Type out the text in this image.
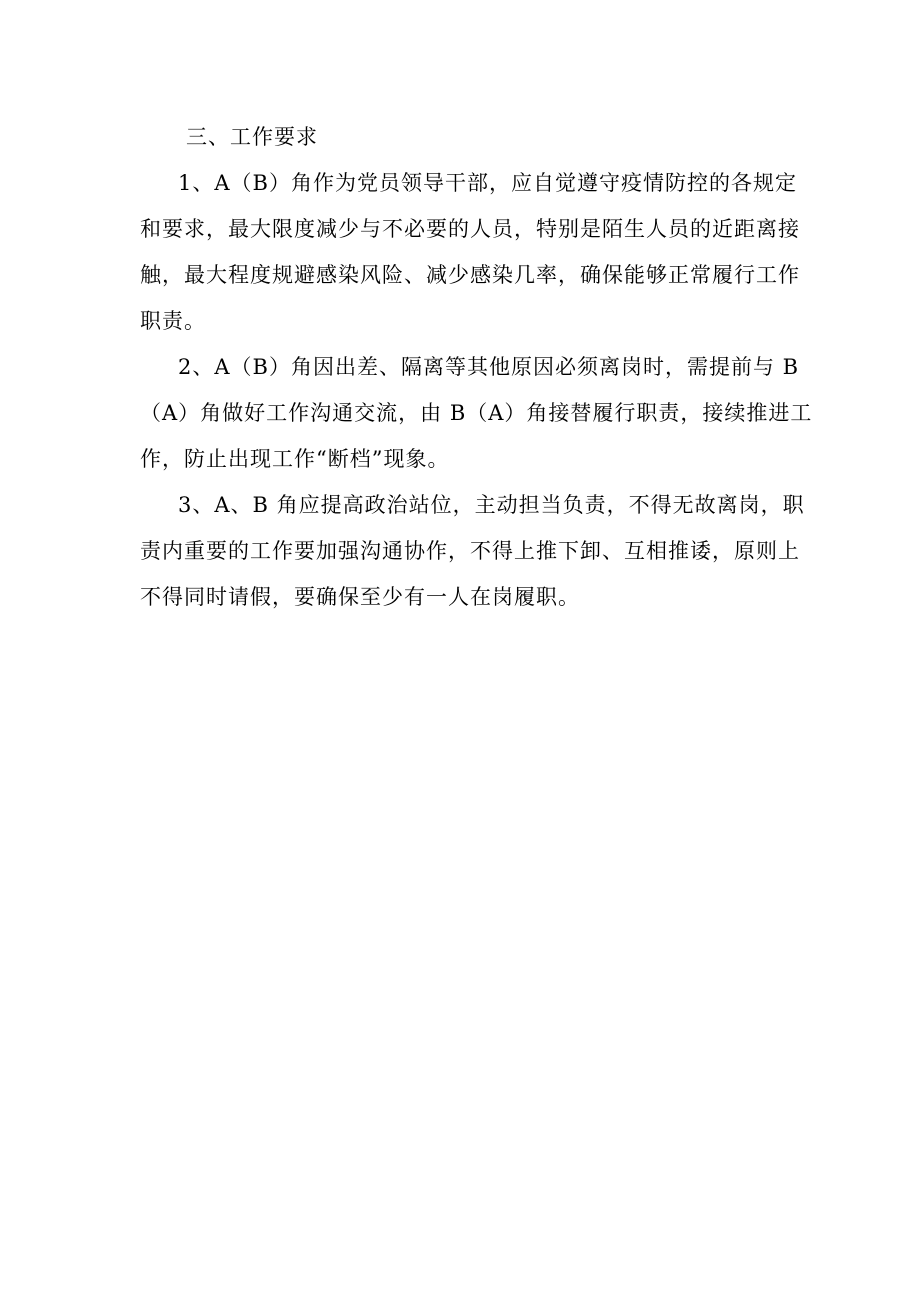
三、工作要求

1、A（B）角作为党员领导干部，应自觉遵守疫情防控的各规定
和要求，最大限度减少与不必要的人员，特别是陌生人员的近距离接
触，最大程度规避感染风险、减少感染几率，确保能够正常履行工作
职责。

2、A（B）角因出差、隔离等其他原因必须离岗时，需提前与 B
（A）角做好工作沟通交流，由 B（A）角接替履行职责，接续推进工
作，防止出现工作“断档”现象。

3、A、B 角应提高政治站位，主动担当负责，不得无故离岗，职
责内重要的工作要加强沟通协作，不得上推下卸、互相推诿，原则上
不得同时请假，要确保至少有一人在岗履职。
